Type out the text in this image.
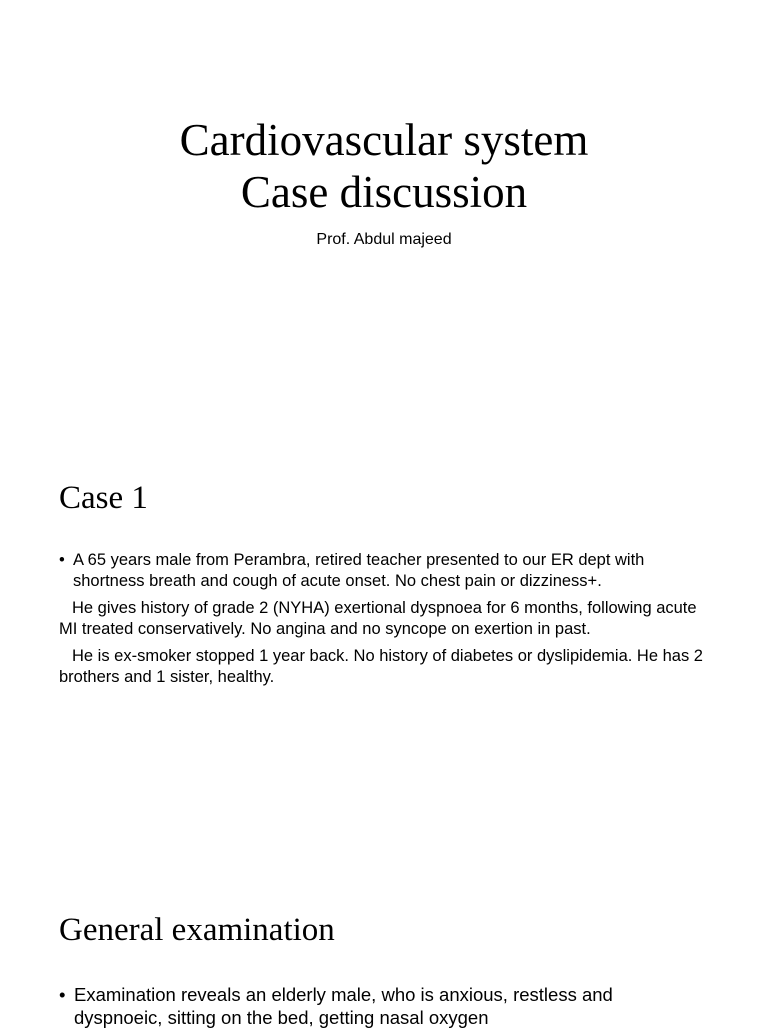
Cardiovascular system
Case discussion
Prof. Abdul majeed
Case 1
• A 65 years male from Perambra, retired teacher presented to our ER dept with shortness breath and cough of acute onset. No chest pain or dizziness+.
He gives history of grade 2 (NYHA) exertional dyspnoea for 6 months, following acute MI treated conservatively. No angina and no syncope on exertion in past.
He is ex-smoker stopped 1 year back. No history of diabetes or dyslipidemia. He has 2 brothers and 1 sister, healthy.
General examination
• Examination reveals an elderly male, who is anxious, restless and dyspnoeic, sitting on the bed, getting nasal oxygen
